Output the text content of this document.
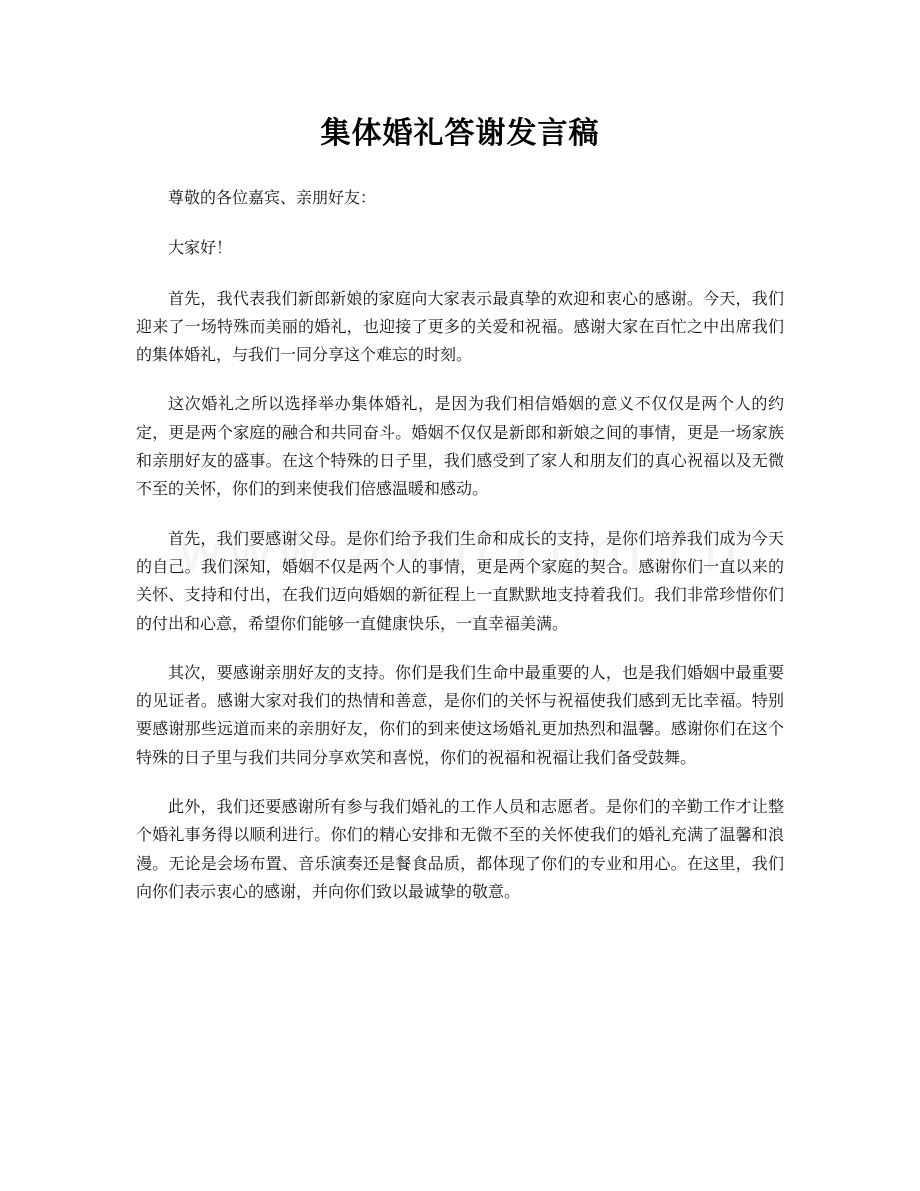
集体婚礼答谢发言稿

尊敬的各位嘉宾、亲朋好友：

大家好！

首先，我代表我们新郎新娘的家庭向大家表示最真挚的欢迎和衷心的感谢。今天，我们迎来了一场特殊而美丽的婚礼，也迎接了更多的关爱和祝福。感谢大家在百忙之中出席我们的集体婚礼，与我们一同分享这个难忘的时刻。

这次婚礼之所以选择举办集体婚礼，是因为我们相信婚姻的意义不仅仅是两个人的约定，更是两个家庭的融合和共同奋斗。婚姻不仅仅是新郎和新娘之间的事情，更是一场家族和亲朋好友的盛事。在这个特殊的日子里，我们感受到了家人和朋友们的真心祝福以及无微不至的关怀，你们的到来使我们倍感温暖和感动。

首先，我们要感谢父母。是你们给予我们生命和成长的支持，是你们培养我们成为今天的自己。我们深知，婚姻不仅是两个人的事情，更是两个家庭的契合。感谢你们一直以来的关怀、支持和付出，在我们迈向婚姻的新征程上一直默默地支持着我们。我们非常珍惜你们的付出和心意，希望你们能够一直健康快乐，一直幸福美满。

其次，要感谢亲朋好友的支持。你们是我们生命中最重要的人，也是我们婚姻中最重要的见证者。感谢大家对我们的热情和善意，是你们的关怀与祝福使我们感到无比幸福。特别要感谢那些远道而来的亲朋好友，你们的到来使这场婚礼更加热烈和温馨。感谢你们在这个特殊的日子里与我们共同分享欢笑和喜悦，你们的祝福和祝福让我们备受鼓舞。

此外，我们还要感谢所有参与我们婚礼的工作人员和志愿者。是你们的辛勤工作才让整个婚礼事务得以顺利进行。你们的精心安排和无微不至的关怀使我们的婚礼充满了温馨和浪漫。无论是会场布置、音乐演奏还是餐食品质，都体现了你们的专业和用心。在这里，我们向你们表示衷心的感谢，并向你们致以最诚挚的敬意。
